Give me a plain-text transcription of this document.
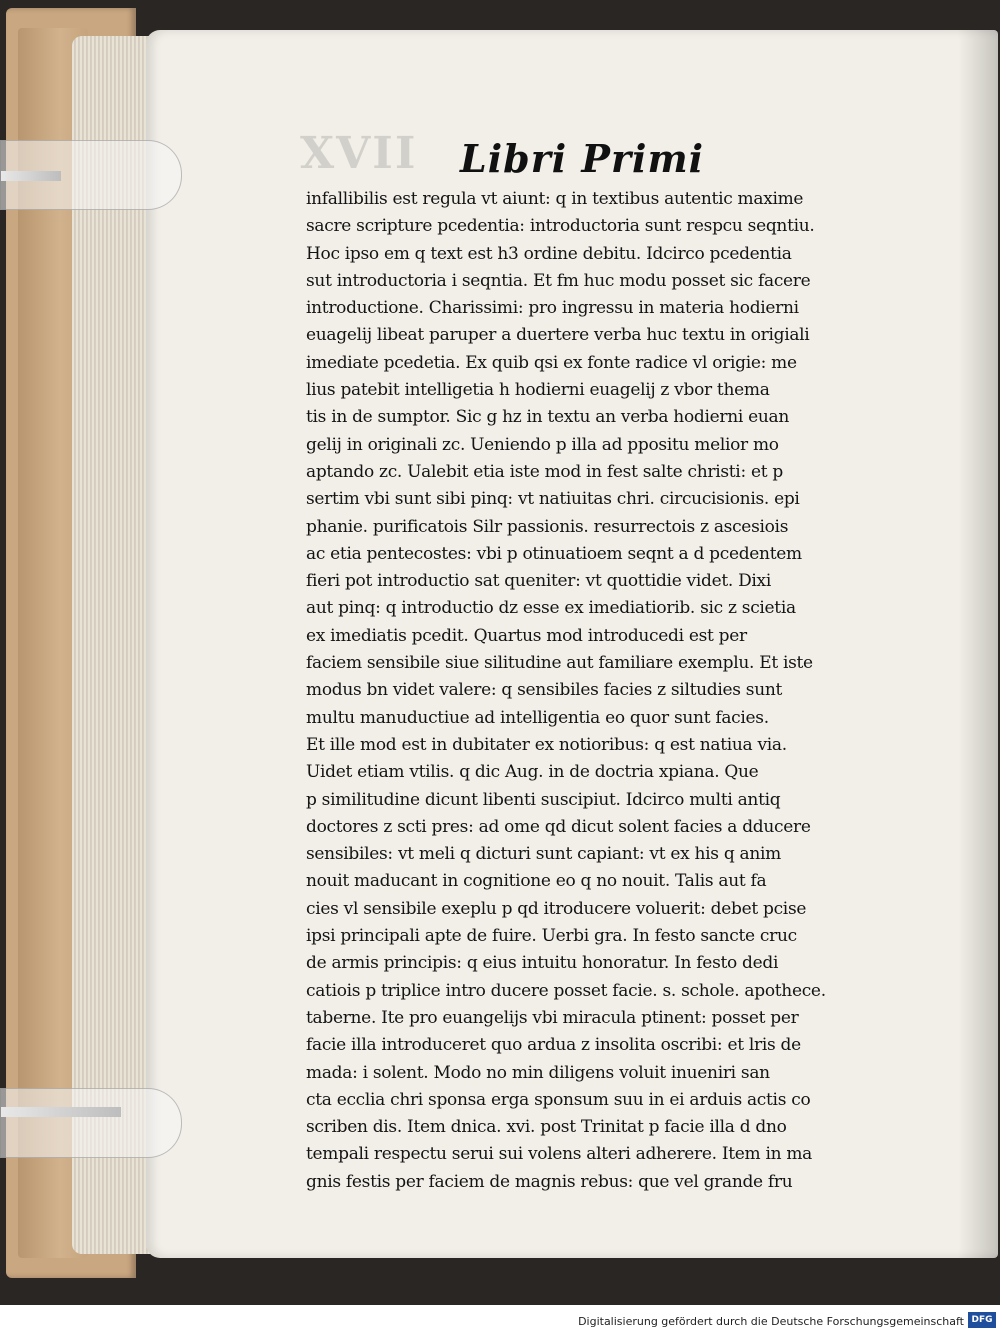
XVII Libri Primi
infallibilis est regula vt aiunt: q in textibus autentic maxime
sacre scripture pcedentia: introductoria sunt respcu seqntiu.
Hoc ipso em q text est h3 ordine debitu. Idcirco pcedentia
sut introductoria i seqntia. Et fm huc modu posset sic facere
introductione. Charissimi: pro ingressu in materia hodierni
euagelij libeat paruper a duertere verba huc textu in origiali
imediate pcedetia. Ex quib qsi ex fonte radice vl origie: me
lius patebit intelligetia h hodierni euagelij z vbor thema
tis in de sumptor. Sic g hz in textu an verba hodierni euan
gelij in originali zc. Ueniendo p illa ad ppositu melior mo
aptando zc. Ualebit etia iste mod in fest salte christi: et p
sertim vbi sunt sibi pinq: vt natiuitas chri. circucisionis. epi
phanie. purificatois Silr passionis. resurrectois z ascesiois
ac etia pentecostes: vbi p otinuatioem seqnt a d pcedentem
fieri pot introductio sat queniter: vt quottidie videt. Dixi
aut pinq: q introductio dz esse ex imediatiorib. sic z scietia
ex imediatis pcedit. Quartus mod introducedi est per
faciem sensibile siue silitudine aut familiare exemplu. Et iste
modus bn videt valere: q sensibiles facies z siltudies sunt
multu manuductiue ad intelligentia eo quor sunt facies.
Et ille mod est in dubitater ex notioribus: q est natiua via.
Uidet etiam vtilis. q dic Aug. in de doctria xpiana. Que
p similitudine dicunt libenti suscipiut. Idcirco multi antiq
doctores z scti pres: ad ome qd dicut solent facies a dducere
sensibiles: vt meli q dicturi sunt capiant: vt ex his q anim
nouit maducant in cognitione eo q no nouit. Talis aut fa
cies vl sensibile exeplu p qd itroducere voluerit: debet pcise
ipsi principali apte de fuire. Uerbi gra. In festo sancte cruc
de armis principis: q eius intuitu honoratur. In festo dedi
catiois p triplice intro ducere posset facie. s. schole. apothece.
taberne. Ite pro euangelijs vbi miracula ptinent: posset per
facie illa introduceret quo ardua z insolita oscribi: et lris de
mada: i solent. Modo no min diligens voluit inueniri san
cta ecclia chri sponsa erga sponsum suu in ei arduis actis co
scriben dis. Item dnica. xvi. post Trinitat p facie illa d dno
tempali respectu serui sui volens alteri adherere. Item in ma
gnis festis per faciem de magnis rebus: que vel grande fru
Digitalisierung gefördert durch die Deutsche Forschungsgemeinschaft DFG
